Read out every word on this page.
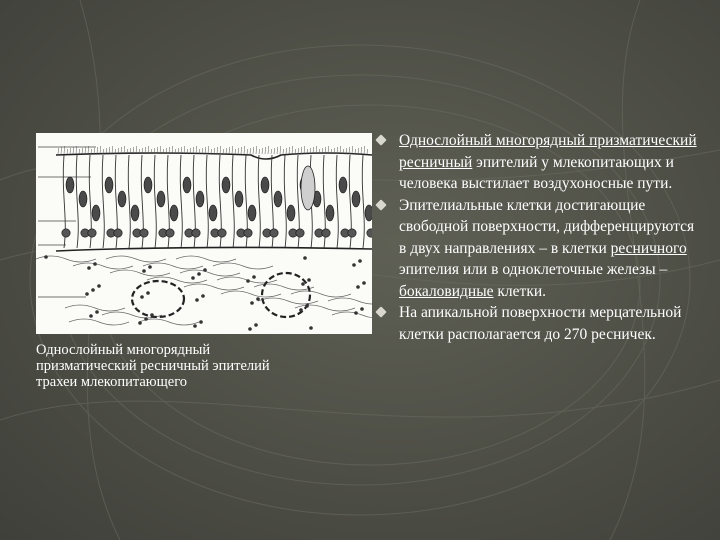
Однослойный многорядный
призматический ресничный эпителий
трахеи млекопитающего
Однослойный многорядный призматический ресничный эпителий у млекопитающих и человека выстилает воздухоносные пути.
Эпителиальные клетки достигающие свободной поверхности, дифференцируются в двух направлениях – в клетки ресничного эпителия или в одноклеточные железы – бокаловидные клетки.
На апикальной поверхности мерцательной клетки располагается до 270 ресничек.
